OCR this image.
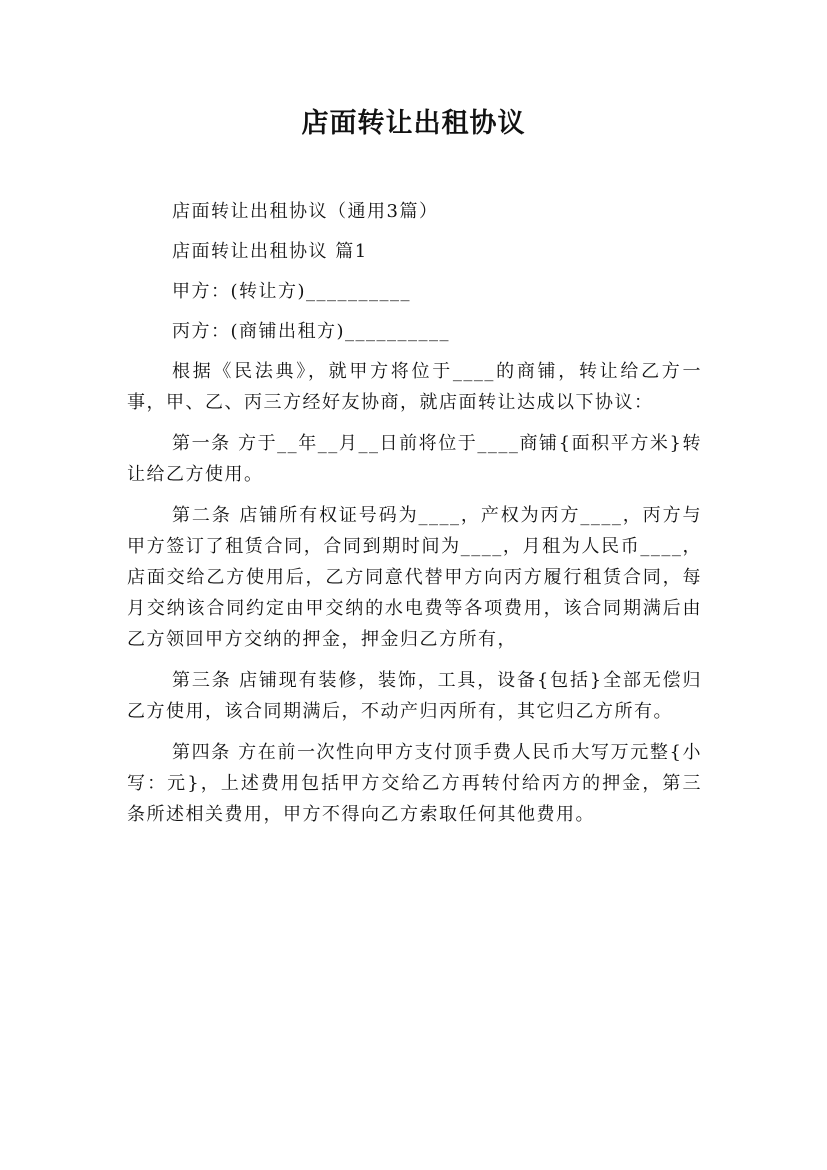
店面转让出租协议

店面转让出租协议（通用3篇）

店面转让出租协议 篇1

甲方：(转让方)__________

丙方：(商铺出租方)__________

根据《民法典》，就甲方将位于____的商铺，转让给乙方一事，甲、乙、丙三方经好友协商，就店面转让达成以下协议：

第一条 方于__年__月__日前将位于____商铺{面积平方米}转让给乙方使用。

第二条 店铺所有权证号码为____，产权为丙方____，丙方与甲方签订了租赁合同，合同到期时间为____，月租为人民币____，店面交给乙方使用后，乙方同意代替甲方向丙方履行租赁合同，每月交纳该合同约定由甲交纳的水电费等各项费用，该合同期满后由乙方领回甲方交纳的押金，押金归乙方所有，

第三条 店铺现有装修，装饰，工具，设备{包括}全部无偿归乙方使用，该合同期满后，不动产归丙所有，其它归乙方所有。

第四条 方在前一次性向甲方支付顶手费人民币大写万元整{小写：元}，上述费用包括甲方交给乙方再转付给丙方的押金，第三条所述相关费用，甲方不得向乙方索取任何其他费用。
